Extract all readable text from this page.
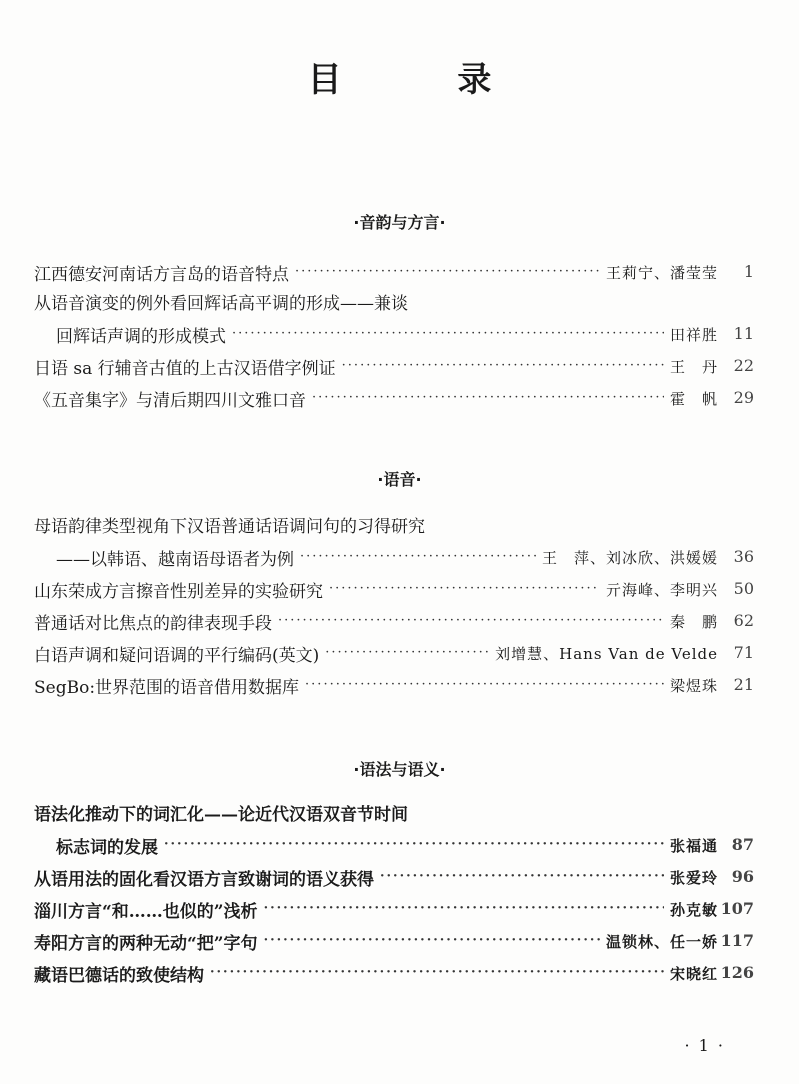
目 录
·音韵与方言·
江西德安河南话方言岛的语音特点 ·····	王莉宁、潘莹莹	1
从语音演变的例外看回辉话高平调的形成——兼谈
回辉话声调的形成模式 ·····	田祥胜 11
日语 sa 行辅音古值的上古汉语借字例证 ·····	王　丹 22
《五音集字》与清后期四川文雅口音 ·····	霍　帆 29
·语音·
母语韵律类型视角下汉语普通话语调问句的习得研究
——以韩语、越南语母语者为例 ·····	王　萍、刘冰欣、洪媛媛 36
山东荣成方言擦音性别差异的实验研究 ·····	亓海峰、李明兴 50
普通话对比焦点的韵律表现手段 ·····	秦　鹏 62
白语声调和疑问语调的平行编码(英文) ·····	刘增慧、Hans Van de Velde 71
SegBo:世界范围的语音借用数据库 ·····	梁煜珠 21
·语法与语义·
语法化推动下的词汇化——论近代汉语双音节时间
标志词的发展 ·····	张福通 87
从语用法的固化看汉语方言致谢词的语义获得 ·····	张爱玲 96
淄川方言“和……也似的”浅析 ·····	孙克敏 107
寿阳方言的两种无动“把”字句 ·····	温锁林、任一娇 117
藏语巴德话的致使结构 ·····	宋晓红 126
· 1 ·
